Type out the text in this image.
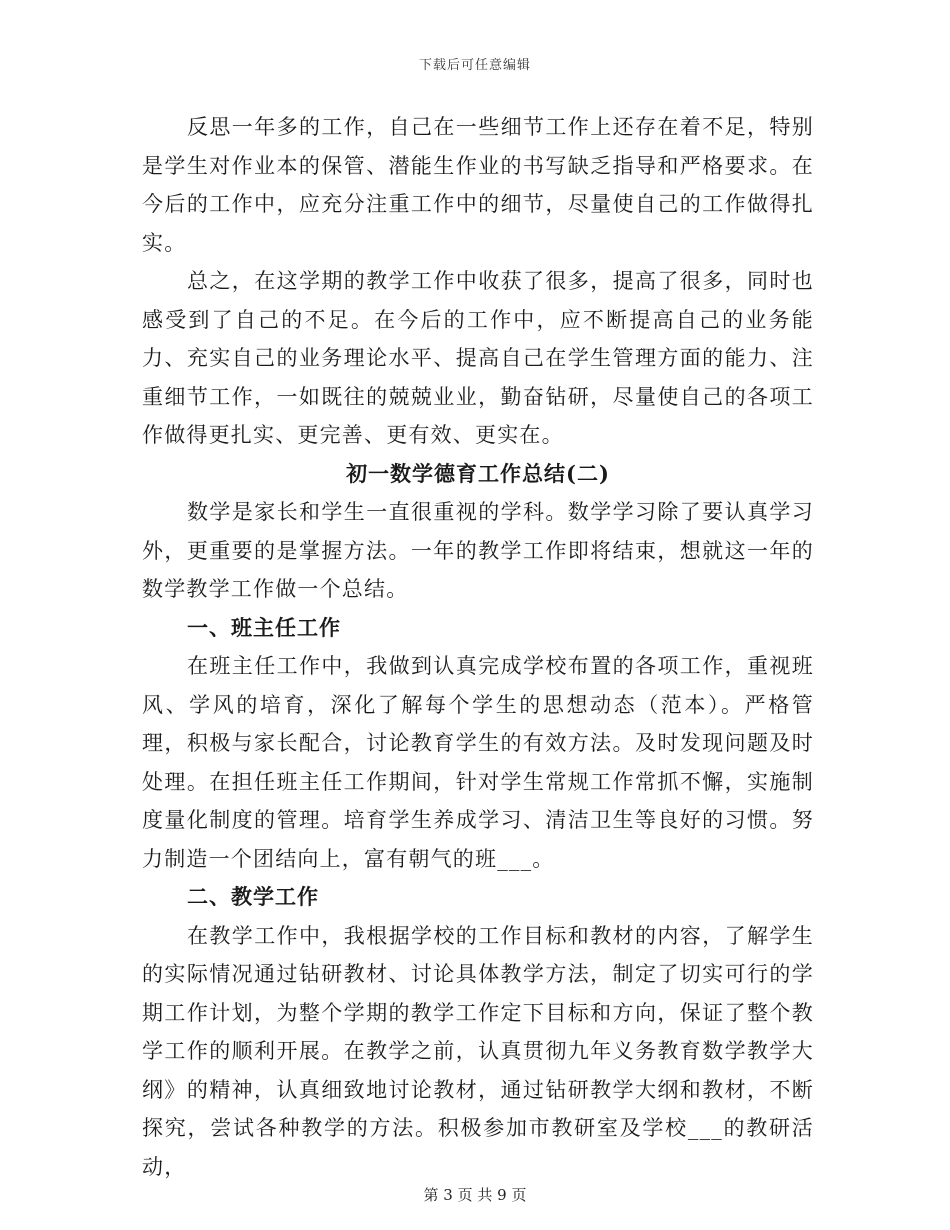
下载后可任意编辑

反思一年多的工作，自己在一些细节工作上还存在着不足，特别是学生对作业本的保管、潜能生作业的书写缺乏指导和严格要求。在今后的工作中，应充分注重工作中的细节，尽量使自己的工作做得扎实。

总之，在这学期的教学工作中收获了很多，提高了很多，同时也感受到了自己的不足。在今后的工作中，应不断提高自己的业务能力、充实自己的业务理论水平、提高自己在学生管理方面的能力、注重细节工作，一如既往的兢兢业业，勤奋钻研，尽量使自己的各项工作做得更扎实、更完善、更有效、更实在。

初一数学德育工作总结(二)

数学是家长和学生一直很重视的学科。数学学习除了要认真学习外，更重要的是掌握方法。一年的教学工作即将结束，想就这一年的数学教学工作做一个总结。

一、班主任工作

在班主任工作中，我做到认真完成学校布置的各项工作，重视班风、学风的培育，深化了解每个学生的思想动态（范本）。严格管理，积极与家长配合，讨论教育学生的有效方法。及时发现问题及时处理。在担任班主任工作期间，针对学生常规工作常抓不懈，实施制度量化制度的管理。培育学生养成学习、清洁卫生等良好的习惯。努力制造一个团结向上，富有朝气的班___。

二、教学工作

在教学工作中，我根据学校的工作目标和教材的内容，了解学生的实际情况通过钻研教材、讨论具体教学方法，制定了切实可行的学期工作计划，为整个学期的教学工作定下目标和方向，保证了整个教学工作的顺利开展。在教学之前，认真贯彻九年义务教育数学教学大纲》的精神，认真细致地讨论教材，通过钻研教学大纲和教材，不断探究，尝试各种教学的方法。积极参加市教研室及学校___的教研活动，

第 3 页 共 9 页
